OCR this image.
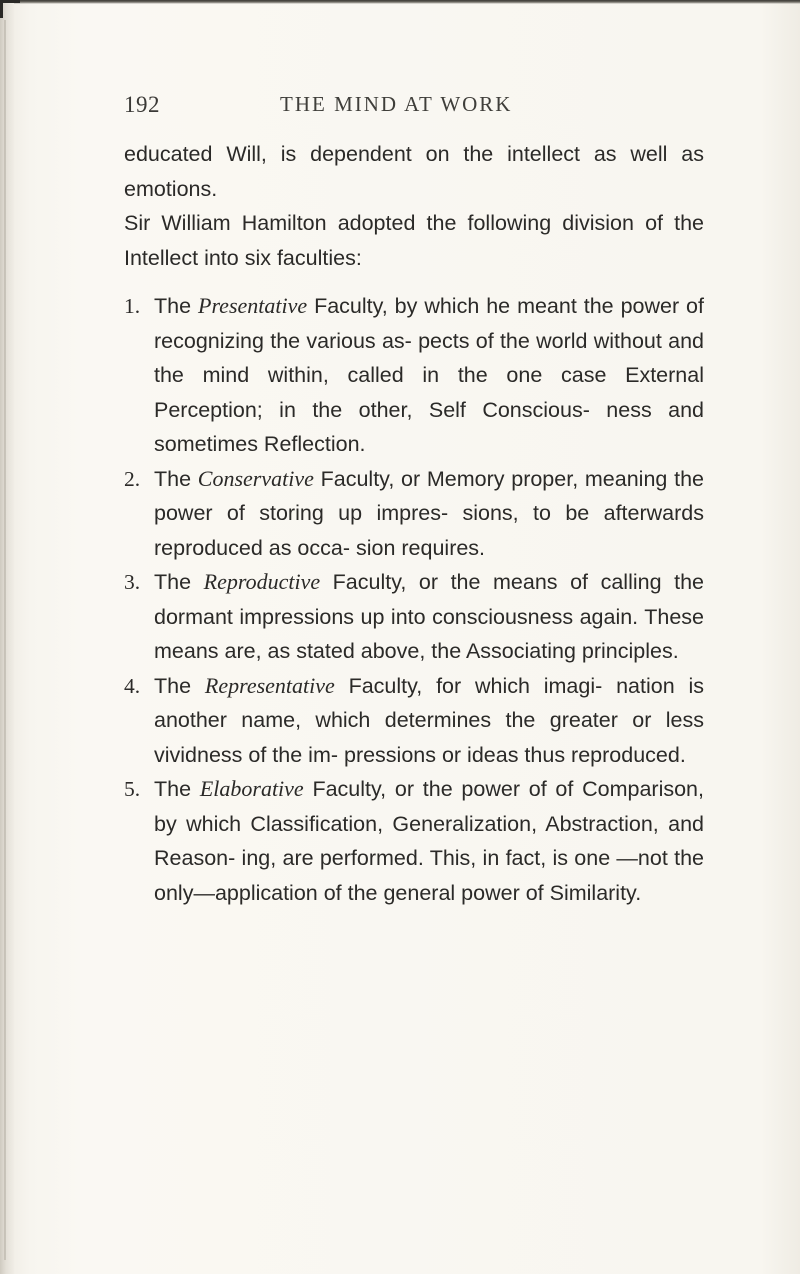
192	THE MIND AT WORK

educated Will, is dependent on the intellect as well as emotions.

Sir William Hamilton adopted the following division of the Intellect into six faculties:

1. The Presentative Faculty, by which he meant the power of recognizing the various as- pects of the world without and the mind within, called in the one case External Perception; in the other, Self Conscious- ness and sometimes Reflection.
2. The Conservative Faculty, or Memory proper, meaning the power of storing up impres- sions, to be afterwards reproduced as occa- sion requires.
3. The Reproductive Faculty, or the means of calling the dormant impressions up into consciousness again. These means are, as stated above, the Associating principles.
4. The Representative Faculty, for which imagi- nation is another name, which determines the greater or less vividness of the im- pressions or ideas thus reproduced.
5. The Elaborative Faculty, or the power of of Comparison, by which Classification, Generalization, Abstraction, and Reason- ing, are performed. This, in fact, is one —not the only—application of the general power of Similarity.
